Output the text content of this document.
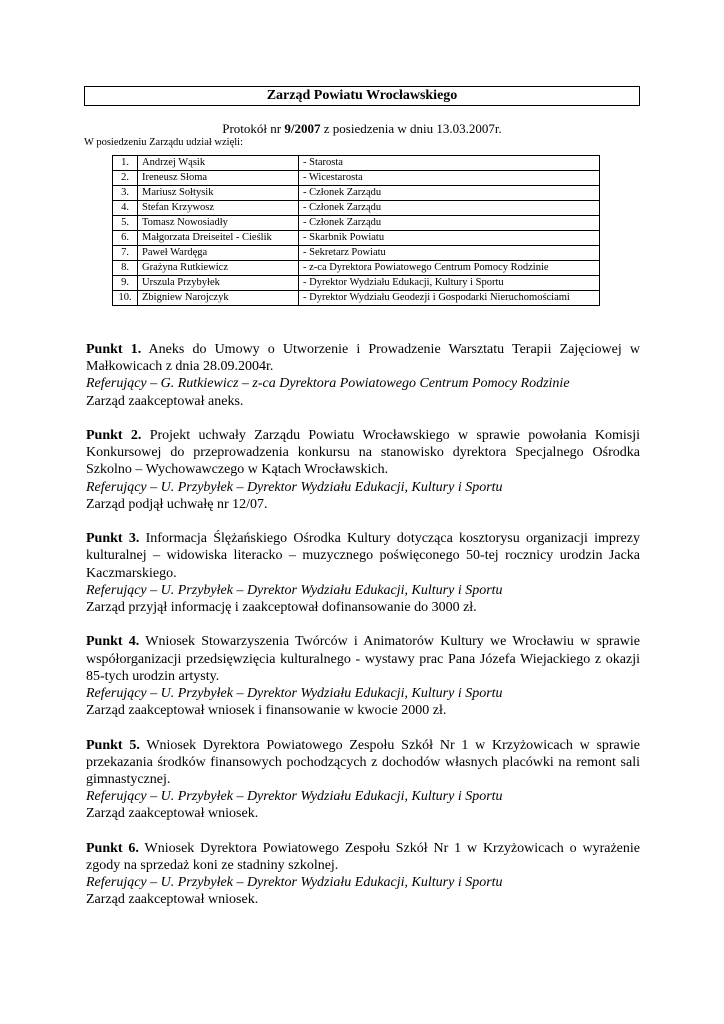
Zarząd Powiatu Wrocławskiego
Protokół nr 9/2007 z posiedzenia w dniu 13.03.2007r.
W posiedzeniu Zarządu udział wzięli:
1.	Andrzej Wąsik	- Starosta
2.	Ireneusz Słoma	- Wicestarosta
3.	Mariusz Sołtysik	- Członek Zarządu
4.	Stefan Krzywosz	- Członek Zarządu
5.	Tomasz Nowosiadły	- Członek Zarządu
6.	Małgorzata Dreiseitel - Cieślik	- Skarbnik Powiatu
7.	Paweł Wardęga	- Sekretarz Powiatu
8.	Grażyna Rutkiewicz	- z-ca Dyrektora Powiatowego Centrum Pomocy Rodzinie
9.	Urszula Przybyłek	- Dyrektor Wydziału Edukacji, Kultury i Sportu
10.	Zbigniew Narojczyk	- Dyrektor Wydziału Geodezji i Gospodarki Nieruchomościami

Punkt 1. Aneks do Umowy o Utworzenie i Prowadzenie Warsztatu Terapii Zajęciowej w Małkowicach z dnia 28.09.2004r.

Referujący – G. Rutkiewicz – z-ca Dyrektora Powiatowego Centrum Pomocy Rodzinie

Zarząd zaakceptował aneks.

Punkt 2. Projekt uchwały Zarządu Powiatu Wrocławskiego w sprawie powołania Komisji Konkursowej do przeprowadzenia konkursu na stanowisko dyrektora Specjalnego Ośrodka Szkolno – Wychowawczego w Kątach Wrocławskich.

Referujący – U. Przybyłek – Dyrektor Wydziału Edukacji, Kultury i Sportu

Zarząd podjął uchwałę nr 12/07.

Punkt 3. Informacja Ślężańskiego Ośrodka Kultury dotycząca kosztorysu organizacji imprezy kulturalnej – widowiska literacko – muzycznego poświęconego 50-tej rocznicy urodzin Jacka Kaczmarskiego.

Referujący – U. Przybyłek – Dyrektor Wydziału Edukacji, Kultury i Sportu

Zarząd przyjął informację i zaakceptował dofinansowanie do 3000 zł.

Punkt 4. Wniosek Stowarzyszenia Twórców i Animatorów Kultury we Wrocławiu w sprawie współorganizacji przedsięwzięcia kulturalnego - wystawy prac Pana Józefa Wiejackiego z okazji 85-tych urodzin artysty.

Referujący – U. Przybyłek – Dyrektor Wydziału Edukacji, Kultury i Sportu

Zarząd zaakceptował wniosek i finansowanie w kwocie 2000 zł.

Punkt 5. Wniosek Dyrektora Powiatowego Zespołu Szkół Nr 1 w Krzyżowicach w sprawie przekazania środków finansowych pochodzących z dochodów własnych placówki na remont sali gimnastycznej.

Referujący – U. Przybyłek – Dyrektor Wydziału Edukacji, Kultury i Sportu

Zarząd zaakceptował wniosek.

Punkt 6. Wniosek Dyrektora Powiatowego Zespołu Szkół Nr 1 w Krzyżowicach o wyrażenie zgody na sprzedaż koni ze stadniny szkolnej.

Referujący – U. Przybyłek – Dyrektor Wydziału Edukacji, Kultury i Sportu

Zarząd zaakceptował wniosek.
